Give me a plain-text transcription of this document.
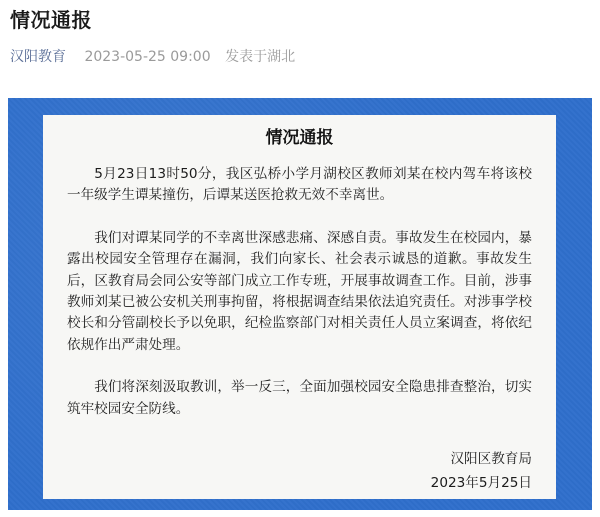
情况通报
汉阳教育 2023-05-25 09:00 发表于湖北
情况通报

5月23日13时50分，我区弘桥小学月湖校区教师刘某在校内驾车将该校一年级学生谭某撞伤，后谭某送医抢救无效不幸离世。

我们对谭某同学的不幸离世深感悲痛、深感自责。事故发生在校园内，暴露出校园安全管理存在漏洞，我们向家长、社会表示诚恳的道歉。事故发生后，区教育局会同公安等部门成立工作专班，开展事故调查工作。目前，涉事教师刘某已被公安机关刑事拘留，将根据调查结果依法追究责任。对涉事学校校长和分管副校长予以免职，纪检监察部门对相关责任人员立案调查，将依纪依规作出严肃处理。

我们将深刻汲取教训，举一反三，全面加强校园安全隐患排查整治，切实筑牢校园安全防线。

汉阳区教育局
2023年5月25日
